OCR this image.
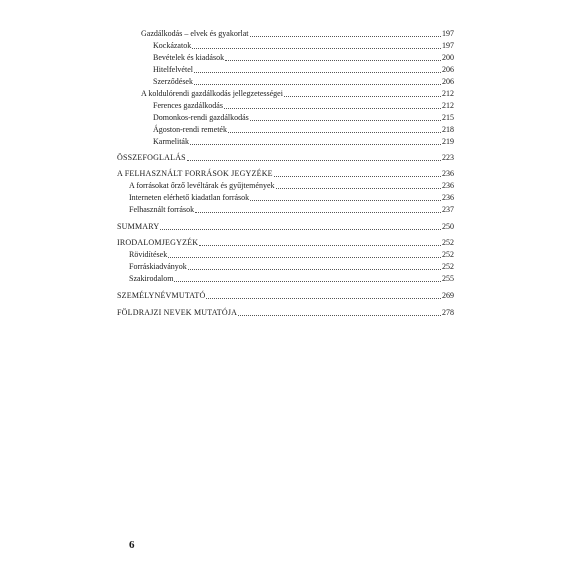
Gazdálkodás – elvek és gyakorlat	197
Kockázatok	197
Bevételek és kiadások	200
Hitelfelvétel	206
Szerződések	206
A koldulórendi gazdálkodás jellegzetességei	212
Ferences gazdálkodás	212
Domonkos-rendi gazdálkodás	215
Ágoston-rendi remeték	218
Karmeliták	219
ÖSSZEFOGLALÁS	223
A FELHASZNÁLT FORRÁSOK JEGYZÉKE	236
A forrásokat őrző levéltárak és gyűjtemények	236
Interneten elérhető kiadatlan források	236
Felhasznált források	237
SUMMARY	250
IRODALOMJEGYZÉK	252
Rövidítések	252
Forráskiadványok	252
Szakirodalom	255
SZEMÉLYNÉVMUTATÓ	269
FÖLDRAJZI NEVEK MUTATÓJA	278
6
